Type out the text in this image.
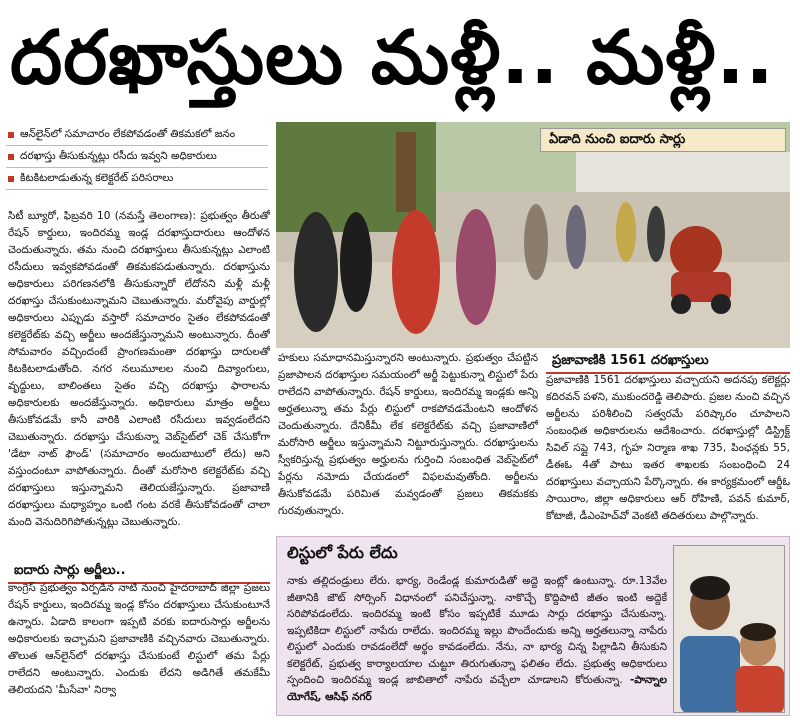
దరఖాస్తులు మళ్లీ.. మళ్లీ..
ఆన్‌లైన్‌లో సమాచారం లేకపోవడంతో తికమకలో జనం
దరఖాస్తు తీసుకున్నట్లు రసీదు ఇవ్వని అధికారులు
కిటకిటలాడుతున్న కలెక్టరేట్ పరిసరాలు
సిటీ బ్యూరో, ఫిబ్రవరి 10 (నమస్తే తెలంగాణ): ప్రభుత్వం తీరుతో రేషన్ కార్డులు, ఇందిరమ్మ ఇండ్ల దరఖాస్తుదారులు ఆందోళన చెందుతున్నారు. తమ నుంచి దరఖాస్తులు తీసుకున్నట్లు ఎలాంటి రసీదులు ఇవ్వకపోవడంతో తికమకపడుతున్నారు. దరఖాస్తును అధికారులు పరిగణనలోకి తీసుకున్నారో లేదోనని మళ్లీ మళ్లీ దరఖాస్తు చేసుకుంటున్నామని చెబుతున్నారు. మరోవైపు వార్డుల్లో అధికారులు ఎప్పుడు వస్తారో సమాచారం సైతం లేకపోవడంతో కలెక్టరేట్‌కు వచ్చి అర్జీలు అందజేస్తున్నామని అంటున్నారు. దీంతో సోమవారం వచ్చిందంటే ప్రాంగణమంతా దరఖాస్తు దారులతో కిటకిటలాడుతోంది. నగర నలుమూలల నుంచి దివ్యాంగులు, వృద్ధులు, బాలింతలు సైతం వచ్చి దరఖాస్తు ఫారాలను అధికారులకు అందజేస్తున్నారు. అధికారులు మాత్రం అర్జీలు తీసుకోవడమే కానీ వారికి ఎలాంటి రసీదులు ఇవ్వడంలేదని చెబుతున్నారు. దరఖాస్తు చేసుకున్నా వెబ్‌సైట్‌లో చెక్ చేసుకోగా 'డేటా నాట్ ఫౌండ్' (సమాచారం అందుబాటులో లేదు) అని వస్తుందంటూ వాపోతున్నారు. దీంతో మరోసారి కలెక్టరేట్‌కు వచ్చి దరఖాస్తులు ఇస్తున్నామని తెలియజేస్తున్నారు. ప్రజావాణి దరఖాస్తులు మధ్యాహ్నం ఒంటి గంట వరకే తీసుకోవడంతో చాలా మంది వెనుదిరిగిపోతున్నట్లు చెబుతున్నారు.
ఐదారు సార్లు అర్జీలు..
కాంగ్రెస్ ప్రభుత్వం ఏర్పడిన నాటి నుంచి హైదరాబాద్ జిల్లా ప్రజలు రేషన్ కార్డులు, ఇందిరమ్మ ఇండ్ల కోసం దరఖాస్తులు చేసుకుంటూనే ఉన్నారు. ఏడాది కాలంగా ఇప్పటి వరకు ఐదారుసార్లు అర్జీలను అధికారులకు ఇచ్చామని ప్రజావాణికి వచ్చినవారు చెబుతున్నారు. తొలుత ఆన్‌లైన్‌లో దరఖాస్తు చేసుకుంటే లిస్టులో తమ పేర్లు రాలేదని అంటున్నారు. ఎందుకు లేదని అడిగితే తమకేమీ తెలియదని 'మీసేవా' నిర్వా
ఏడాది నుంచి ఐదారు సార్లు
హకులు సమాధానమిస్తున్నారని అంటున్నారు. ప్రభుత్వం చేపట్టిన ప్రజాపాలన దరఖాస్తుల సమయంలో అర్జీ పెట్టుకున్నా లిస్టులో పేరు రాలేదని వాపోతున్నారు. రేషన్ కార్డులు, ఇందిరమ్మ ఇండ్లకు అన్ని అర్హతలున్నా తమ పేర్లు లిస్టులో రాకపోవడమేంటని ఆందోళన చెందుతున్నారు. దేనికీమీ లేక కలెక్టరేట్‌కు వచ్చి ప్రజావాణిలో మరోసారి అర్జీలు ఇస్తున్నామని నిట్టూరుస్తున్నారు. దరఖాస్తులను స్వీకరిస్తున్న ప్రభుత్వం అర్హులను గుర్తించి సంబంధిత వెబ్‌సైట్‌లో పేర్లను నమోదు చేయడంలో విఫలమవుతోంది. అర్జీలను తీసుకోవడమే పరిమిత మవ్వడంతో ప్రజలు తికమకకు గురవుతున్నారు.
ప్రజావాణికి 1561 దరఖాస్తులు
ప్రజావాణికి 1561 దరఖాస్తులు వచ్చాయని అదనపు కలెక్టర్లు కదిరవన్ పళని, ముకుందరెడ్డి తెలిపారు. ప్రజల నుంచి వచ్చిన అర్జీలను పరిశీలించి సత్వరమే పరిష్కారం చూపాలని సంబంధిత అధికారులను ఆదేశించారు. దరఖాస్తుల్లో డిస్ట్రిక్ట్ సివిల్ సప్లై 743, గృహ నిర్మాణ శాఖ 735, పింఛన్లకు 55, డీఈఓ 4తో పాటు ఇతర శాఖలకు సంబంధించి 24 దరఖాస్తులు వచ్చాయని పేర్కొన్నారు. ఈ కార్యక్రమంలో ఆర్డీఓ సాయిరాం, జిల్లా అధికారులు ఆర్ రోహిణి, పవన్ కుమార్, కోటాజీ, డీఎంహెచ్‌వో వెంకటి తదితరులు పాల్గొన్నారు.
లిస్టులో పేరు లేదు
నాకు తల్లిదండ్రులు లేరు. భార్య, రెండేండ్ల కుమారుడితో అద్దె ఇంట్లో ఉంటున్నా. రూ.13వేల జీతానికి జౌట్ సోర్సింగ్ విధానంలో పనిచేస్తున్నా. నాకొచ్చే కొద్దిపాటి జీతం ఇంటి అద్దెకే సరిపోవడంలేదు. ఇందిరమ్మ ఇంటి కోసం ఇప్పటికే మూడు సార్లు దరఖాస్తు చేసుకున్నా. ఇప్పటికిదా లిస్టులో నాపేరు రాలేదు. ఇందిరమ్మ ఇల్లు పొందేందుకు అన్ని అర్హతలున్నా నాపేరు లిస్టులో ఎందుకు రావడంలేదో అర్థం కావడంలేదు. నేను, నా భార్య చిన్న పిల్లాడిని తీసుకుని కలెక్టరేట్, ప్రభుత్వ కార్యాలయాల చుట్టూ తిరుగుతున్నా ఫలితం లేదు. ప్రభుత్వ అధికారులు స్పందించి ఇందిరమ్మ ఇండ్ల జాబితాలో నాపేరు వచ్చేలా చూడాలని కోరుతున్నా. -పాన్నాల యోగేష్, ఆసిఫ్ నగర్
